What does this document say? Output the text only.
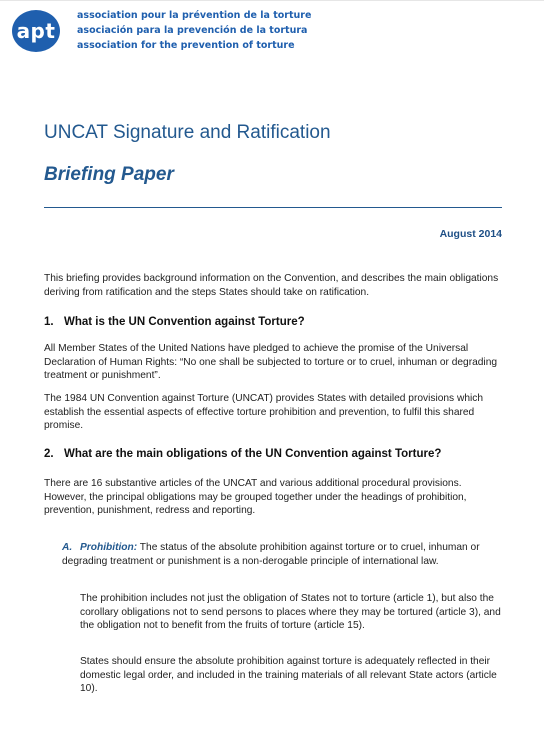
apt
association pour la prévention de la torture
asociación para la prevención de la tortura
association for the prevention of torture
UNCAT Signature and Ratification
Briefing Paper
August 2014

This briefing provides background information on the Convention, and describes the main obligations deriving from ratification and the steps States should take on ratification.

1. What is the UN Convention against Torture?

All Member States of the United Nations have pledged to achieve the promise of the Universal Declaration of Human Rights: “No one shall be subjected to torture or to cruel, inhuman or degrading treatment or punishment”.

The 1984 UN Convention against Torture (UNCAT) provides States with detailed provisions which establish the essential aspects of effective torture prohibition and prevention, to fulfil this shared promise.

2. What are the main obligations of the UN Convention against Torture?

There are 16 substantive articles of the UNCAT and various additional procedural provisions. However, the principal obligations may be grouped together under the headings of prohibition, prevention, punishment, redress and reporting.

A. Prohibition: The status of the absolute prohibition against torture or to cruel, inhuman or degrading treatment or punishment is a non-derogable principle of international law.

The prohibition includes not just the obligation of States not to torture (article 1), but also the corollary obligations not to send persons to places where they may be tortured (article 3), and the obligation not to benefit from the fruits of torture (article 15).

States should ensure the absolute prohibition against torture is adequately reflected in their domestic legal order, and included in the training materials of all relevant State actors (article 10).
